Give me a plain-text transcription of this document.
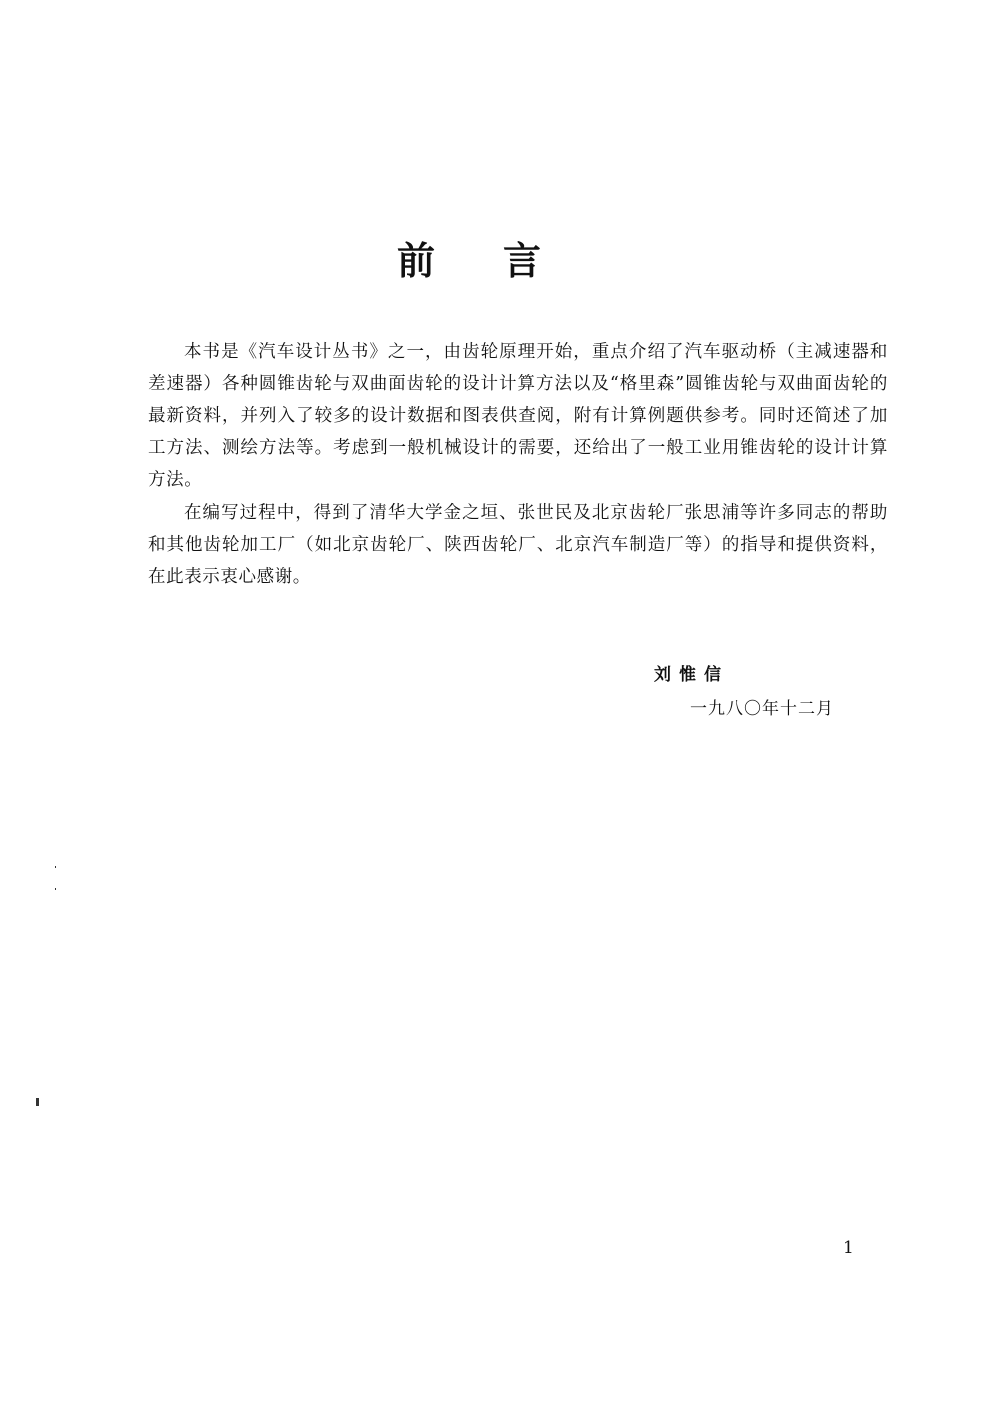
前言

本书是《汽车设计丛书》之一，由齿轮原理开始，重点介绍了汽车驱动桥（主减速器和差速器）各种圆锥齿轮与双曲面齿轮的设计计算方法以及“格里森”圆锥齿轮与双曲面齿轮的最新资料，并列入了较多的设计数据和图表供查阅，附有计算例题供参考。同时还简述了加工方法、测绘方法等。考虑到一般机械设计的需要，还给出了一般工业用锥齿轮的设计计算方法。

在编写过程中，得到了清华大学金之垣、张世民及北京齿轮厂张思浦等许多同志的帮助和其他齿轮加工厂（如北京齿轮厂、陕西齿轮厂、北京汽车制造厂等）的指导和提供资料，在此表示衷心感谢。

刘惟信
一九八〇年十二月
1
